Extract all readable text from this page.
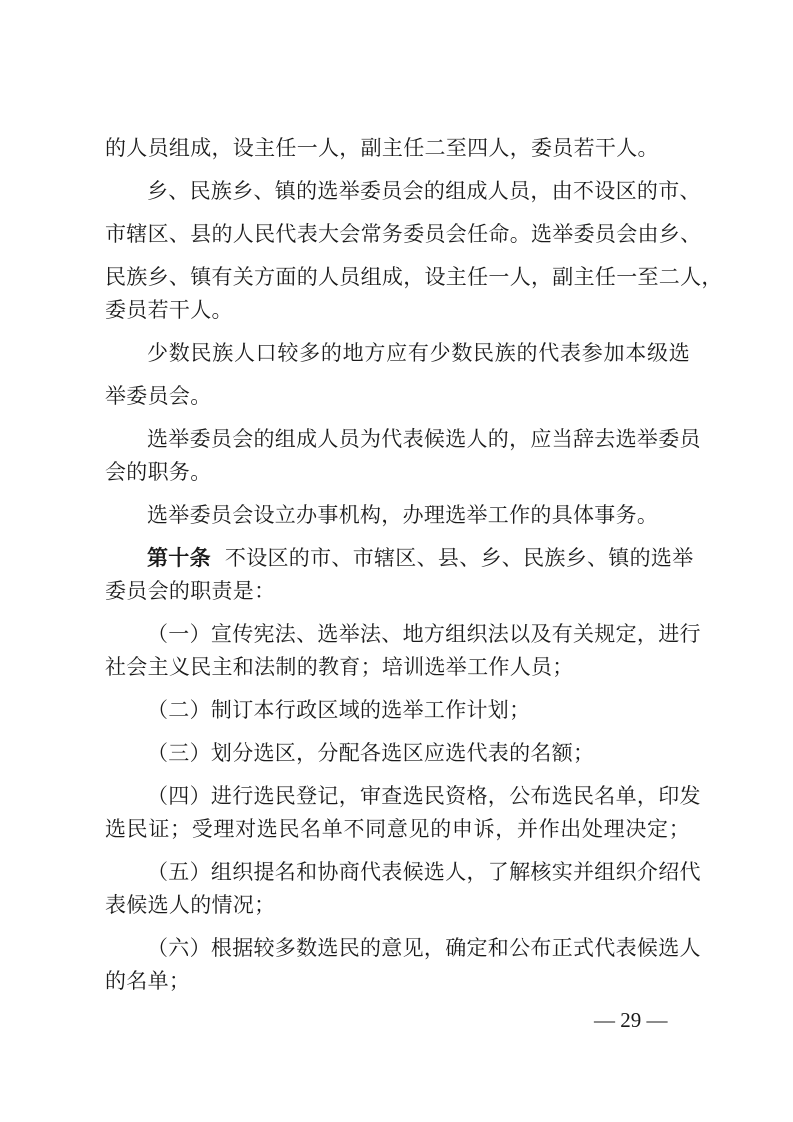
的人员组成，设主任一人，副主任二至四人，委员若干人。
乡、民族乡、镇的选举委员会的组成人员，由不设区的市、
市辖区、县的人民代表大会常务委员会任命。选举委员会由乡、
民族乡、镇有关方面的人员组成，设主任一人，副主任一至二人，
委员若干人。
少数民族人口较多的地方应有少数民族的代表参加本级选
举委员会。
选举委员会的组成人员为代表候选人的，应当辞去选举委员
会的职务。
选举委员会设立办事机构，办理选举工作的具体事务。
第十条 不设区的市、市辖区、县、乡、民族乡、镇的选举
委员会的职责是：
（一）宣传宪法、选举法、地方组织法以及有关规定，进行
社会主义民主和法制的教育；培训选举工作人员；
（二）制订本行政区域的选举工作计划；
（三）划分选区，分配各选区应选代表的名额；
（四）进行选民登记，审查选民资格，公布选民名单，印发
选民证；受理对选民名单不同意见的申诉，并作出处理决定；
（五）组织提名和协商代表候选人，了解核实并组织介绍代
表候选人的情况；
（六）根据较多数选民的意见，确定和公布正式代表候选人
的名单；
— 29 —
